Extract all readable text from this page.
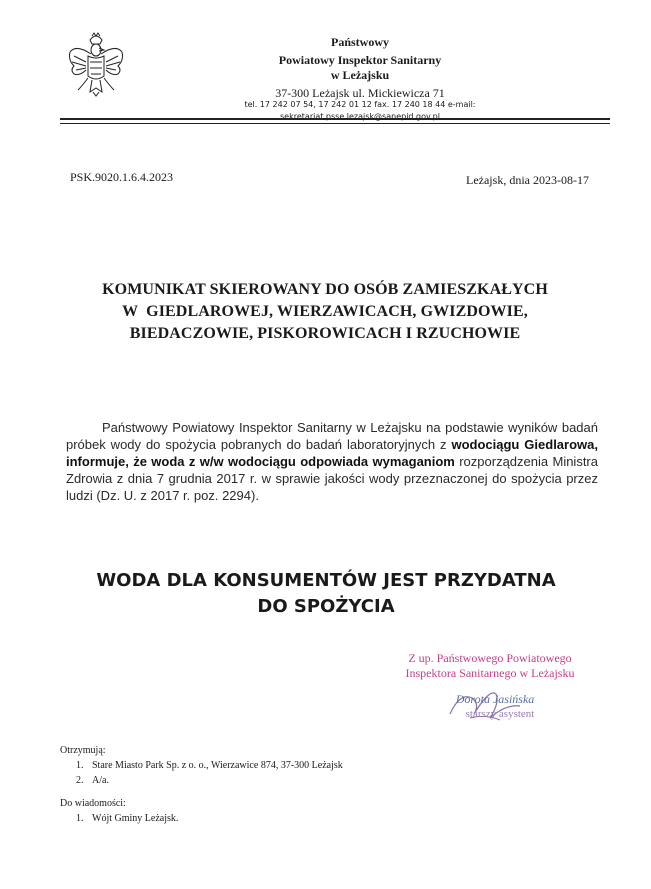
Państwowy
Powiatowy Inspektor Sanitarny
w Leżajsku
37-300 Leżajsk ul. Mickiewicza 71
tel. 17 242 07 54, 17 242 01 12 fax. 17 240 18 44 e-mail:
sekretariat.psse.lezajsk@sanepid.gov.pl
PSK.9020.1.6.4.2023	Leżajsk, dnia 2023-08-17
KOMUNIKAT SKIEROWANY DO OSÓB ZAMIESZKAŁYCH
W  GIEDLAROWEJ, WIERZAWICACH, GWIZDOWIE,
BIEDACZOWIE, PISKOROWICACH I RZUCHOWIE
Państwowy Powiatowy Inspektor Sanitarny w Leżajsku na podstawie wyników badań próbek wody do spożycia pobranych do badań laboratoryjnych z wodociągu Giedlarowa, informuje, że woda z w/w wodociągu odpowiada wymaganiom rozporządzenia Ministra Zdrowia z dnia 7 grudnia 2017 r. w sprawie jakości wody przeznaczonej do spożycia przez ludzi (Dz. U. z 2017 r. poz. 2294).
WODA DLA KONSUMENTÓW JEST PRZYDATNA
DO SPOŻYCIA
Z up. Państwowego Powiatowego
Inspektora Sanitarnego w Leżajsku
Dorota Jasińska
starszy asystent
Otrzymują:
1. Stare Miasto Park Sp. z o. o., Wierzawice 874, 37-300 Leżajsk
2. A/a.
Do wiadomości:
1. Wójt Gminy Leżajsk.
